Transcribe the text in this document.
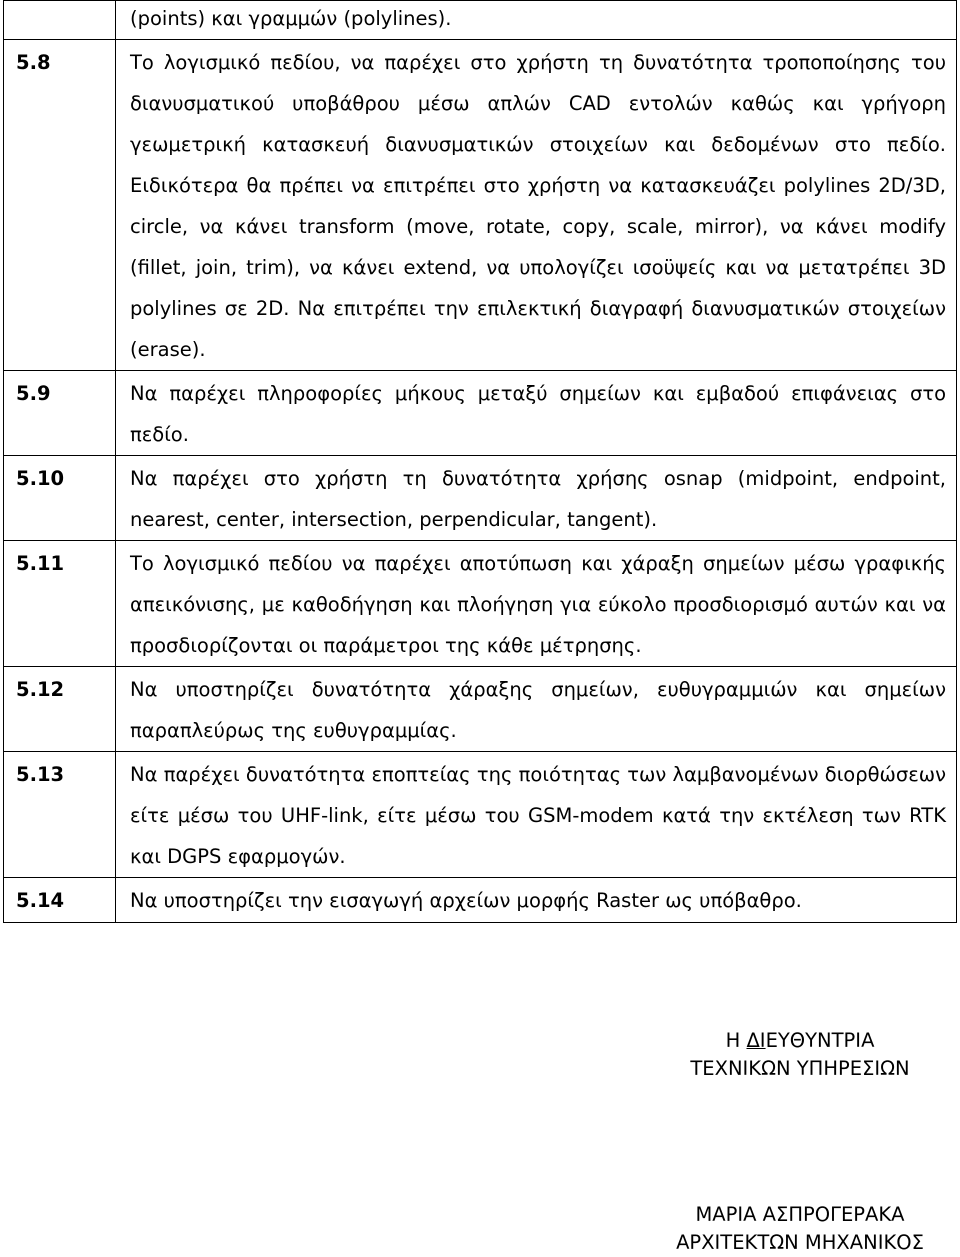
	(points) και γραμμών (polylines).

5.8	Το λογισμικό πεδίου, να παρέχει στο χρήστη τη δυνατότητα τροποποίησης του διανυσματικού υποβάθρου μέσω απλών CAD εντολών καθώς και γρήγορη γεωμετρική κατασκευή διανυσματικών στοιχείων και δεδομένων στο πεδίο. Ειδικότερα θα πρέπει να επιτρέπει στο χρήστη να κατασκευάζει polylines 2D/3D, circle, να κάνει transform (move, rotate, copy, scale, mirror), να κάνει modify (fillet, join, trim), να κάνει extend, να υπολογίζει ισοϋψείς και να μετατρέπει 3D polylines σε 2D. Να επιτρέπει την επιλεκτική διαγραφή διανυσματικών στοιχείων (erase).

5.9	Να παρέχει πληροφορίες μήκους μεταξύ σημείων και εμβαδού επιφάνειας στο πεδίο.

5.10	Να παρέχει στο χρήστη τη δυνατότητα χρήσης osnap (midpoint, endpoint, nearest, center, intersection, perpendicular, tangent).

5.11	Το λογισμικό πεδίου να παρέχει αποτύπωση και χάραξη σημείων μέσω γραφικής απεικόνισης, με καθοδήγηση και πλοήγηση για εύκολο προσδιορισμό αυτών και να προσδιορίζονται οι παράμετροι της κάθε μέτρησης.

5.12	Να υποστηρίζει δυνατότητα χάραξης σημείων, ευθυγραμμιών και σημείων παραπλεύρως της ευθυγραμμίας.

5.13	Να παρέχει δυνατότητα εποπτείας της ποιότητας των λαμβανομένων διορθώσεων είτε μέσω του UHF-link, είτε μέσω του GSM-modem κατά την εκτέλεση των RTK και DGPS εφαρμογών.

5.14	Να υποστηρίζει την εισαγωγή αρχείων μορφής Raster ως υπόβαθρο.
Η ΔΙΕΥΘΥΝΤΡΙΑ
ΤΕΧΝΙΚΩΝ ΥΠΗΡΕΣΙΩΝ
ΜΑΡΙΑ ΑΣΠΡΟΓΕΡΑΚΑ
ΑΡΧΙΤΕΚΤΩΝ ΜΗΧΑΝΙΚΟΣ
